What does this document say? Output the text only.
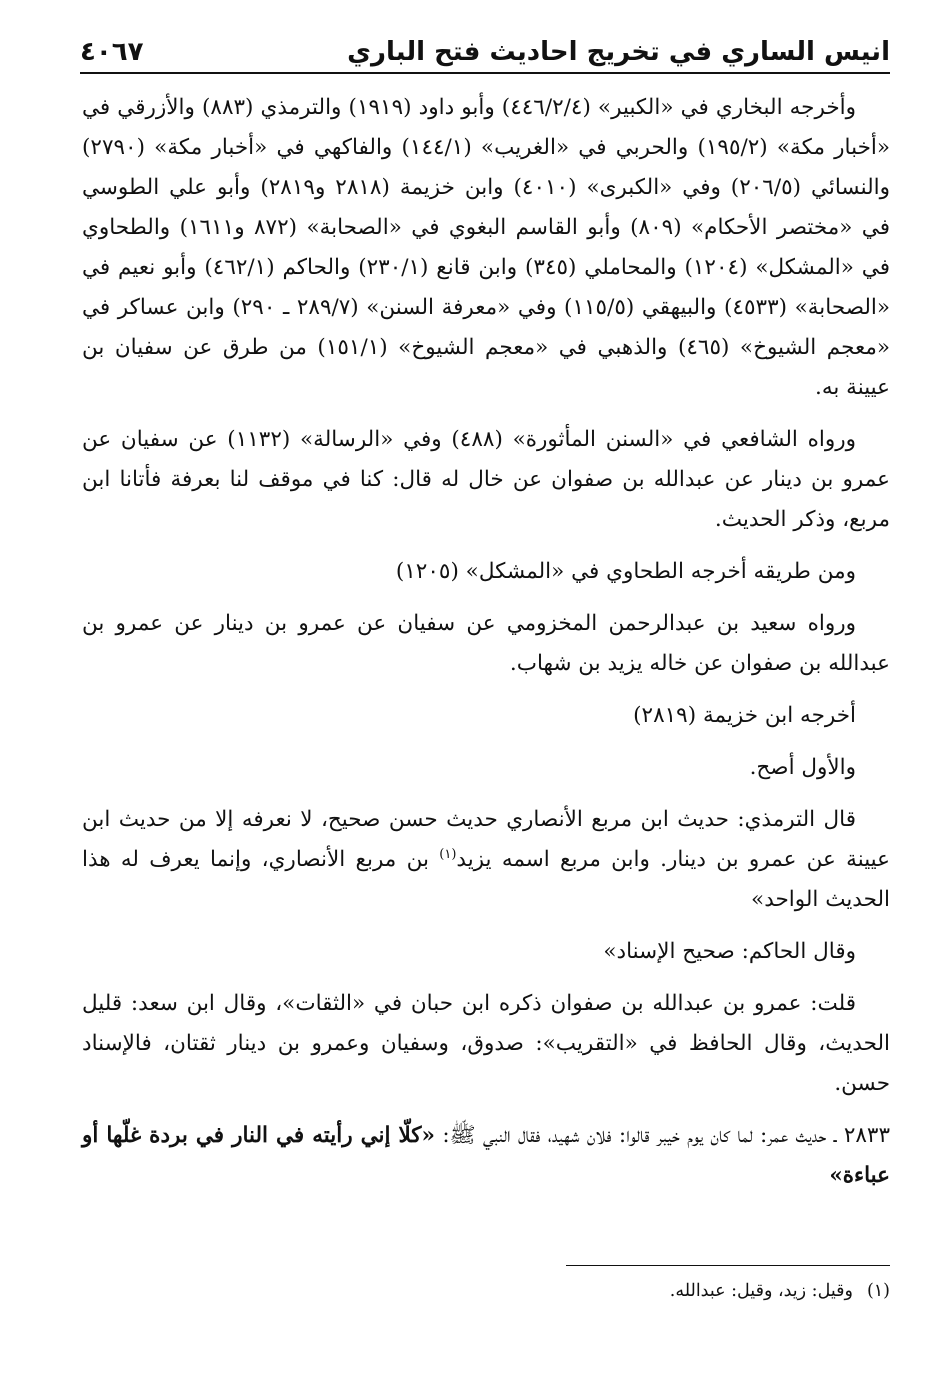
انيس الساري في تخريج احاديث فتح الباري
٤٠٦٧

وأخرجه البخاري في «الكبير» (٤٤٦/٢/٤) وأبو داود (١٩١٩) والترمذي (٨٨٣) والأزرقي في «أخبار مكة» (١٩٥/٢) والحربي في «الغريب» (١٤٤/١) والفاكهي في «أخبار مكة» (٢٧٩٠) والنسائي (٢٠٦/٥) وفي «الكبرى» (٤٠١٠) وابن خزيمة (٢٨١٨ و٢٨١٩) وأبو علي الطوسي في «مختصر الأحكام» (٨٠٩) وأبو القاسم البغوي في «الصحابة» (٨٧٢ و١٦١١) والطحاوي في «المشكل» (١٢٠٤) والمحاملي (٣٤٥) وابن قانع (٢٣٠/١) والحاكم (٤٦٢/١) وأبو نعيم في «الصحابة» (٤٥٣٣) والبيهقي (١١٥/٥) وفي «معرفة السنن» (٢٨٩/٧ ـ ٢٩٠) وابن عساكر في «معجم الشيوخ» (٤٦٥) والذهبي في «معجم الشيوخ» (١٥١/١) من طرق عن سفيان بن عيينة به.

ورواه الشافعي في «السنن المأثورة» (٤٨٨) وفي «الرسالة» (١١٣٢) عن سفيان عن عمرو بن دينار عن عبدالله بن صفوان عن خال له قال: كنا في موقف لنا بعرفة فأتانا ابن مربع، وذكر الحديث.

ومن طريقه أخرجه الطحاوي في «المشكل» (١٢٠٥)

ورواه سعيد بن عبدالرحمن المخزومي عن سفيان عن عمرو بن دينار عن عمرو بن عبدالله بن صفوان عن خاله يزيد بن شهاب.

أخرجه ابن خزيمة (٢٨١٩)

والأول أصح.

قال الترمذي: حديث ابن مربع الأنصاري حديث حسن صحيح، لا نعرفه إلا من حديث ابن عيينة عن عمرو بن دينار. وابن مربع اسمه يزيد$^{(١)}$ بن مربع الأنصاري، وإنما يعرف له هذا الحديث الواحد»

وقال الحاكم: صحيح الإسناد»

قلت: عمرو بن عبدالله بن صفوان ذكره ابن حبان في «الثقات»، وقال ابن سعد: قليل الحديث، وقال الحافظ في «التقريب»: صدوق، وسفيان وعمرو بن دينار ثقتان، فالإسناد حسن.

٢٨٣٣ ـ حديث عمر: لما كان يوم خيبر قالوا: فلان شهيد، فقال النبي ﷺ: «كلّا إني رأيته في النار في بردة غلّها أو عباءة»

(١)
وقيل: زيد، وقيل: عبدالله.
